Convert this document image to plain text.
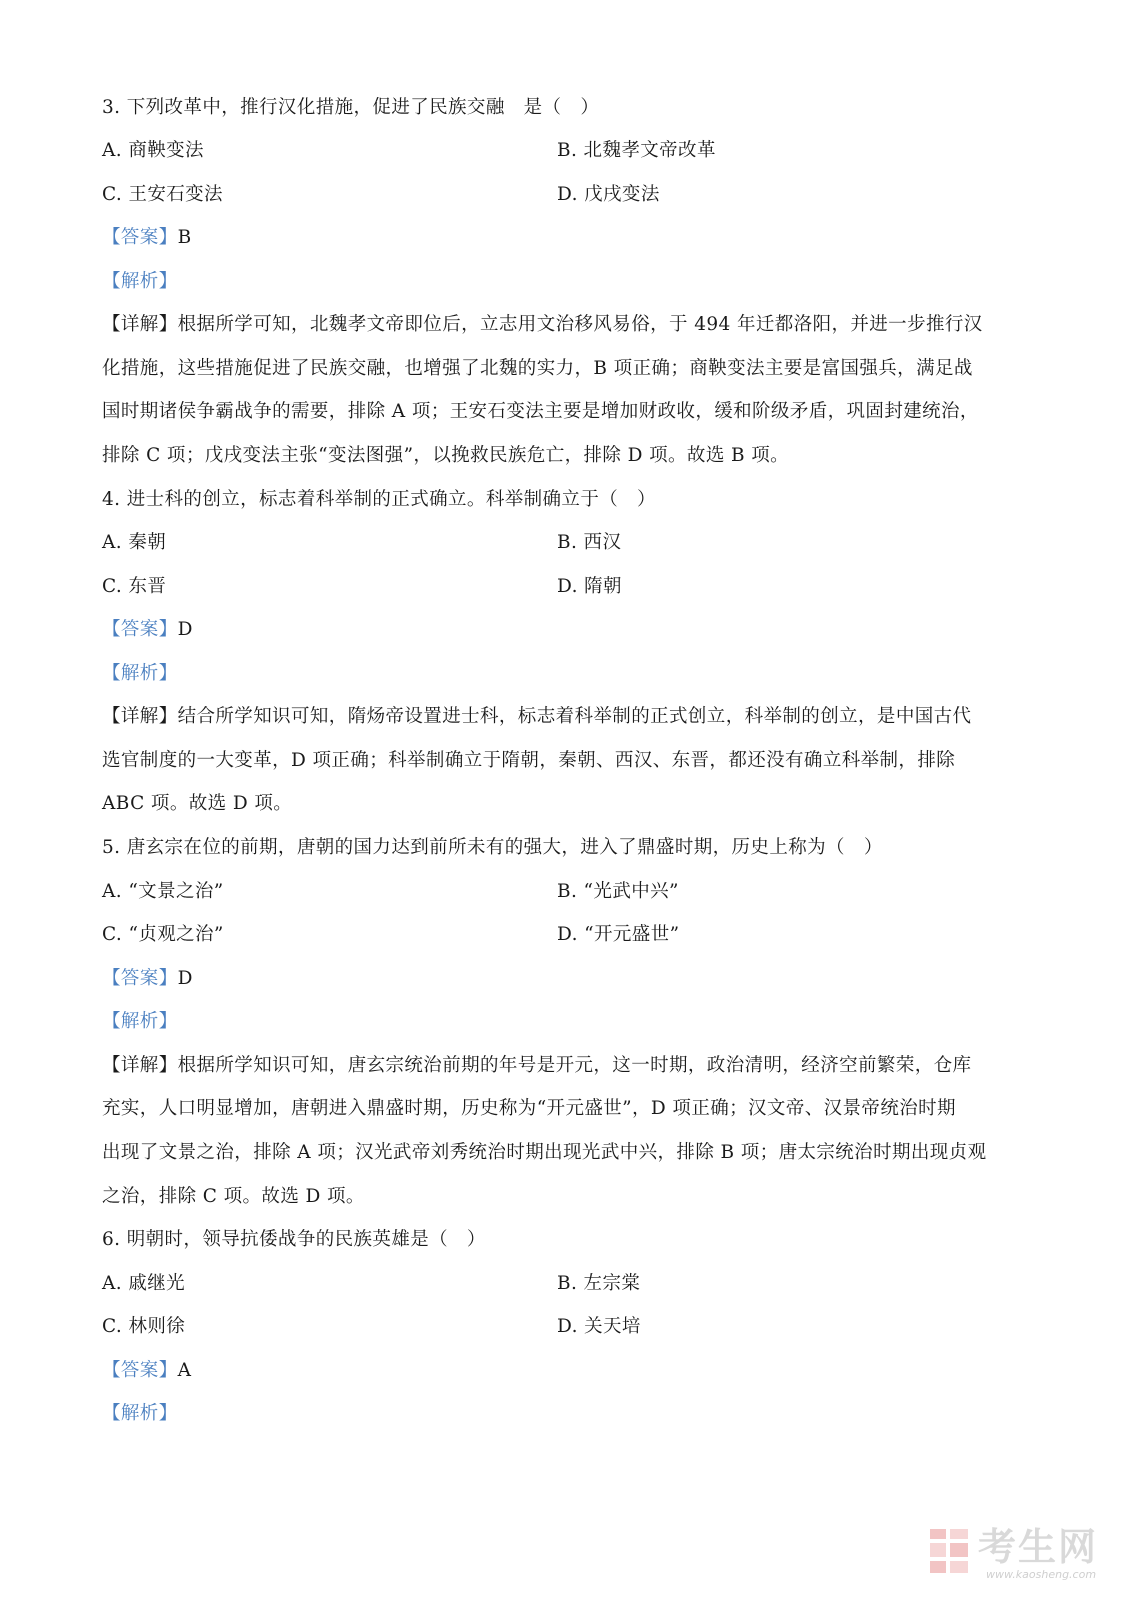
3. 下列改革中，推行汉化措施，促进了民族交融　是（　）
A. 商鞅变法	B. 北魏孝文帝改革
C. 王安石变法	D. 戊戌变法
【答案】B
【解析】
【详解】根据所学可知，北魏孝文帝即位后，立志用文治移风易俗，于 494 年迁都洛阳，并进一步推行汉
化措施，这些措施促进了民族交融，也增强了北魏的实力，B 项正确；商鞅变法主要是富国强兵，满足战
国时期诸侯争霸战争的需要，排除 A 项；王安石变法主要是增加财政收，缓和阶级矛盾，巩固封建统治，
排除 C 项；戊戌变法主张“变法图强”，以挽救民族危亡，排除 D 项。故选 B 项。
4. 进士科的创立，标志着科举制的正式确立。科举制确立于（　）
A. 秦朝	B. 西汉
C. 东晋	D. 隋朝
【答案】D
【解析】
【详解】结合所学知识可知，隋炀帝设置进士科，标志着科举制的正式创立，科举制的创立，是中国古代
选官制度的一大变革，D 项正确；科举制确立于隋朝，秦朝、西汉、东晋，都还没有确立科举制，排除
ABC 项。故选 D 项。
5. 唐玄宗在位的前期，唐朝的国力达到前所未有的强大，进入了鼎盛时期，历史上称为（　）
A. “文景之治”	B. “光武中兴”
C. “贞观之治”	D. “开元盛世”
【答案】D
【解析】
【详解】根据所学知识可知，唐玄宗统治前期的年号是开元，这一时期，政治清明，经济空前繁荣，仓库
充实，人口明显增加，唐朝进入鼎盛时期，历史称为“开元盛世”，D 项正确；汉文帝、汉景帝统治时期
出现了文景之治，排除 A 项；汉光武帝刘秀统治时期出现光武中兴，排除 B 项；唐太宗统治时期出现贞观
之治，排除 C 项。故选 D 项。
6. 明朝时，领导抗倭战争的民族英雄是（　）
A. 戚继光	B. 左宗棠
C. 林则徐	D. 关天培
【答案】A
【解析】
考生网
www.kaosheng.com
